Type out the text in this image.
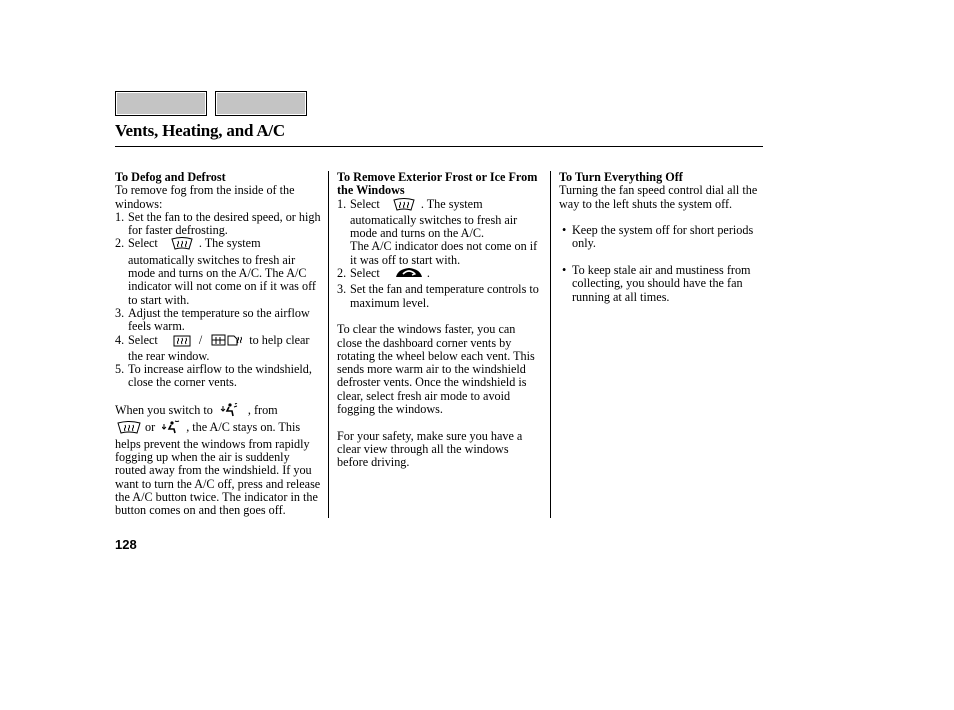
Vents, Heating, and A/C
To Defog and Defrost
To remove fog from the inside of the windows:
1. Set the fan to the desired speed, or high for faster defrosting.
2. Select	. The system automatically switches to fresh air mode and turns on the A/C. The A/C indicator will not come on if it was off to start with.
3. Adjust the temperature so the airflow feels warm.
4. Select	/	to help clear the rear window.
5. To increase airflow to the windshield, close the corner vents.
When you switch to	, from
or	, the A/C stays on. This helps prevent the windows from rapidly fogging up when the air is suddenly routed away from the windshield. If you want to turn the A/C off, press and release the A/C button twice. The indicator in the button comes on and then goes off.
To Remove Exterior Frost or Ice From the Windows
1. Select	. The system automatically switches to fresh air mode and turns on the A/C.
The A/C indicator does not come on if it was off to start with.
2. Select	.
3. Set the fan and temperature controls to maximum level.
To clear the windows faster, you can close the dashboard corner vents by rotating the wheel below each vent. This sends more warm air to the windshield defroster vents. Once the windshield is clear, select fresh air mode to avoid fogging the windows.
For your safety, make sure you have a clear view through all the windows before driving.
To Turn Everything Off
Turning the fan speed control dial all the way to the left shuts the system off.
• Keep the system off for short periods only.
• To keep stale air and mustiness from collecting, you should have the fan running at all times.
128
